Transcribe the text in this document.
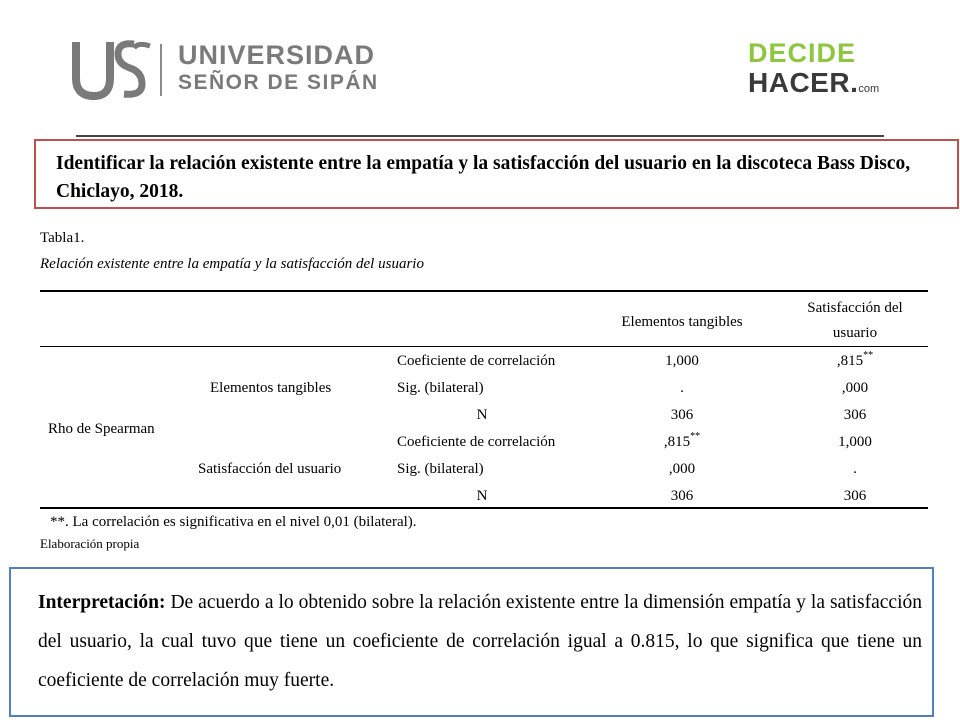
UNIVERSIDAD
SEÑOR DE SIPÁN
DECIDE
HACER.com

Identificar la relación existente entre la empatía y la satisfacción del usuario en la discoteca Bass Disco, Chiclayo, 2018.

Tabla1.
Relación existente entre la empatía y la satisfacción del usuario
Elementos tangibles
Satisfacción del
usuario
Rho de Spearman
Elementos tangibles
Satisfacción del usuario
Coeficiente de correlación
Sig. (bilateral)
N
Coeficiente de correlación
Sig. (bilateral)
N
1,000
.
306
,815**
,000
306
,815**
,000
306
1,000
.
306
**. La correlación es significativa en el nivel 0,01 (bilateral).
Elaboración propia

Interpretación: De acuerdo a lo obtenido sobre la relación existente entre la dimensión empatía y la satisfacción del usuario, la cual tuvo que tiene un coeficiente de correlación igual a 0.815, lo que significa que tiene un coeficiente de correlación muy fuerte.
